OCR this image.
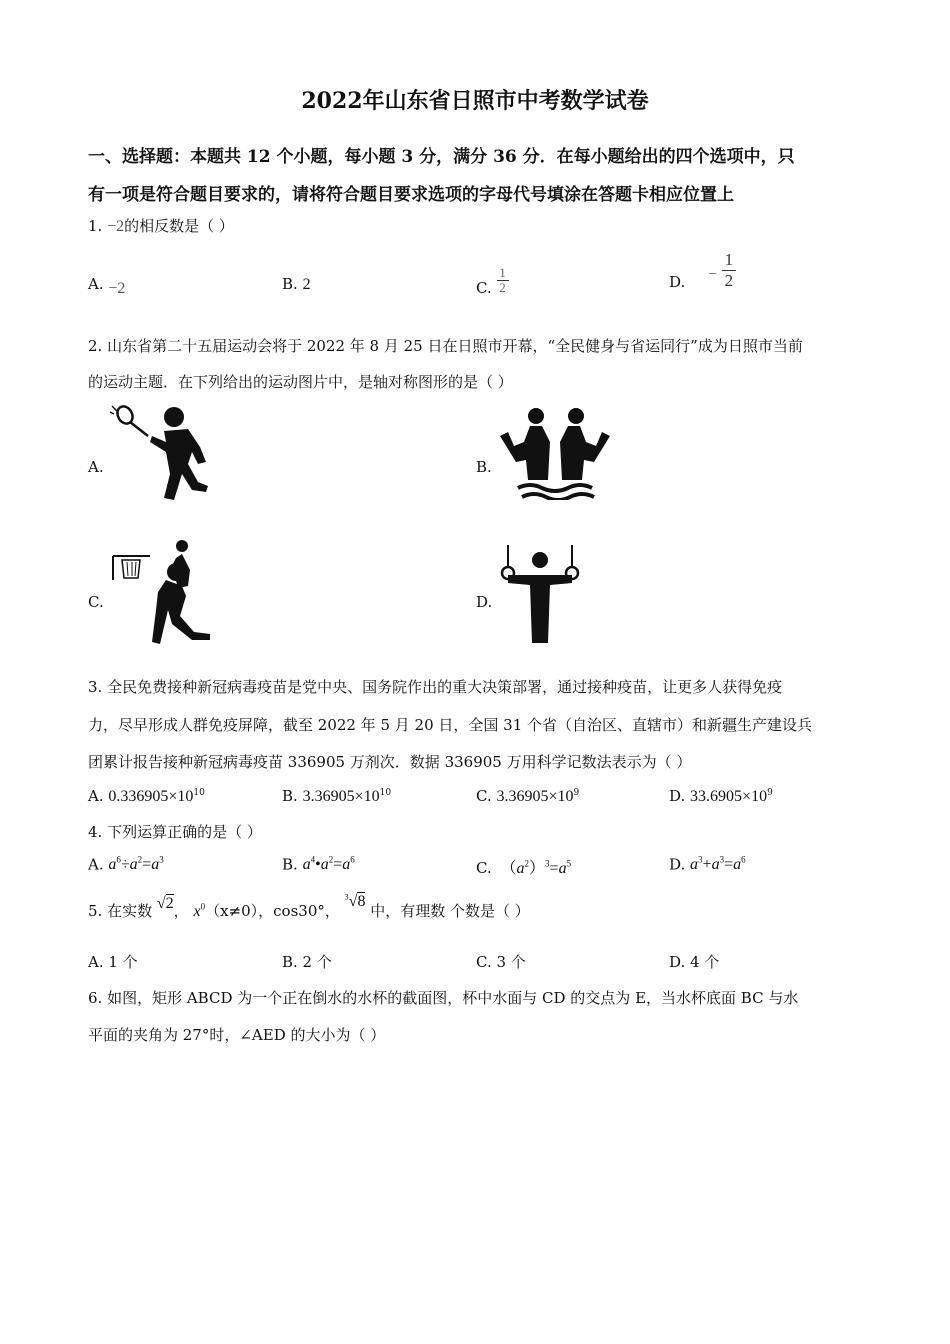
2022年山东省日照市中考数学试卷
一、选择题：本题共 12 个小题，每小题 3 分，满分 36 分．在每小题给出的四个选项中，只
有一项是符合题目要求的，请将符合题目要求选项的字母代号填涂在答题卡相应位置上
1. −2的相反数是（ ）
A. −2	B. 2	C. $\frac{1}{2}$	D. − $\frac{1}{2}$
2. 山东省第二十五届运动会将于 2022 年 8 月 25 日在日照市开幕，“全民健身与省运同行”成为日照市当前
的运动主题．在下列给出的运动图片中，是轴对称图形的是（ ）
A.	B.
C.	D.
3. 全民免费接种新冠病毒疫苗是党中央、国务院作出的重大决策部署，通过接种疫苗，让更多人获得免疫
力，尽早形成人群免疫屏障，截至 2022 年 5 月 20 日，全国 31 个省（自治区、直辖市）和新疆生产建设兵
团累计报告接种新冠病毒疫苗 336905 万剂次．数据 336905 万用科学记数法表示为（ ）
A. $0.336905\times 10^{10}$	B. $3.36905\times 10^{10}$	C. $3.36905\times 10^9$	D. $33.6905\times 10^9$
4. 下列运算正确的是（ ）
A. $a^6\div a^2=a^3$	B. $a^4•a^2=a^6$	C.  $(a^2)^3=a^5$	D. $a^3+a^3=a^6$
5. 在实数 √2， $x^0(x\ne 0)$，cos30°， $^3$√8 中，有理数 个数是（ ）
A. 1 个	B. 2 个	C. 3 个	D. 4 个
6. 如图，矩形 ABCD 为一个正在倒水的水杯的截面图，杯中水面与 CD 的交点为 E，当水杯底面 BC 与水
平面的夹角为 27°时，∠AED 的大小为（ ）
